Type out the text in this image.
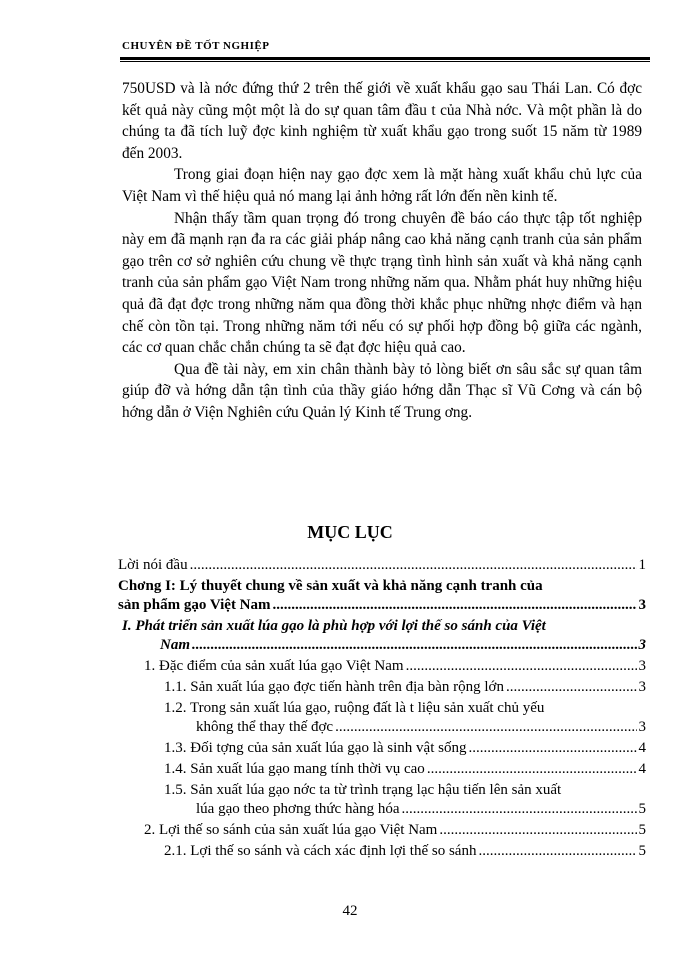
CHUYÊN ĐỀ TỐT NGHIỆP

750USD và là nớc đứng thứ 2 trên thế giới về xuất khẩu gạo sau Thái Lan. Có đợc kết quả này cũng một một là do sự quan tâm đầu t của Nhà nớc. Và một phần là do chúng ta đã tích luỹ đợc kinh nghiệm từ xuất khẩu gạo trong suốt 15 năm từ 1989 đến 2003.

Trong giai đoạn hiện nay gạo đợc xem là mặt hàng xuất khẩu chủ lực của Việt Nam vì thế hiệu quả nó mang lại ảnh hởng rất lớn đến nền kinh tế.

Nhận thấy tầm quan trọng đó trong chuyên đề báo cáo thực tập tốt nghiệp này em đã mạnh rạn đa ra các giải pháp nâng cao khả năng cạnh tranh của sản phẩm gạo trên cơ sở nghiên cứu chung về thực trạng tình hình sản xuất và khả năng cạnh tranh của sản phẩm gạo Việt Nam trong những năm qua. Nhằm phát huy những hiệu quả đã đạt đợc trong những năm qua đồng thời khắc phục những nhợc điểm và hạn chế còn tồn tại. Trong những năm tới nếu có sự phối hợp đồng bộ giữa các ngành, các cơ quan chắc chắn chúng ta sẽ đạt đợc hiệu quả cao.

Qua đề tài này, em xin chân thành bày tỏ lòng biết ơn sâu sắc sự quan tâm giúp đỡ và hớng dẫn tận tình của thầy giáo hớng dẫn Thạc sĩ Vũ Cơng và cán bộ hớng dẫn ở Viện Nghiên cứu Quản lý Kinh tế Trung ơng.

MỤC LỤC
Lời nói đầu .....	1
Chơng I: Lý thuyết chung về sản xuất và khả năng cạnh tranh của
sản phẩm gạo Việt Nam .....	3
I. Phát triển sản xuất lúa gạo là phù hợp với lợi thế so sánh của Việt
Nam .....	3
1. Đặc điểm của sản xuất lúa gạo Việt Nam .....	3
1.1. Sản xuất lúa gạo đợc tiến hành trên địa bàn rộng lớn .....	3
1.2. Trong sản xuất lúa gạo, ruộng đất là t liệu sản xuất chủ yếu
không thể thay thế đợc .....	3
1.3. Đối tợng của sản xuất lúa gạo là sinh vật sống .....	4
1.4. Sản xuất lúa gạo mang tính thời vụ cao .....	4
1.5. Sản xuất lúa gạo nớc ta từ trình trạng lạc hậu tiến lên sản xuất
lúa gạo theo phơng thức hàng hóa .....	5
2. Lợi thế so sánh của sản xuất lúa gạo Việt Nam .....	5
2.1. Lợi thế so sánh và cách xác định lợi thế so sánh .....	5
42
